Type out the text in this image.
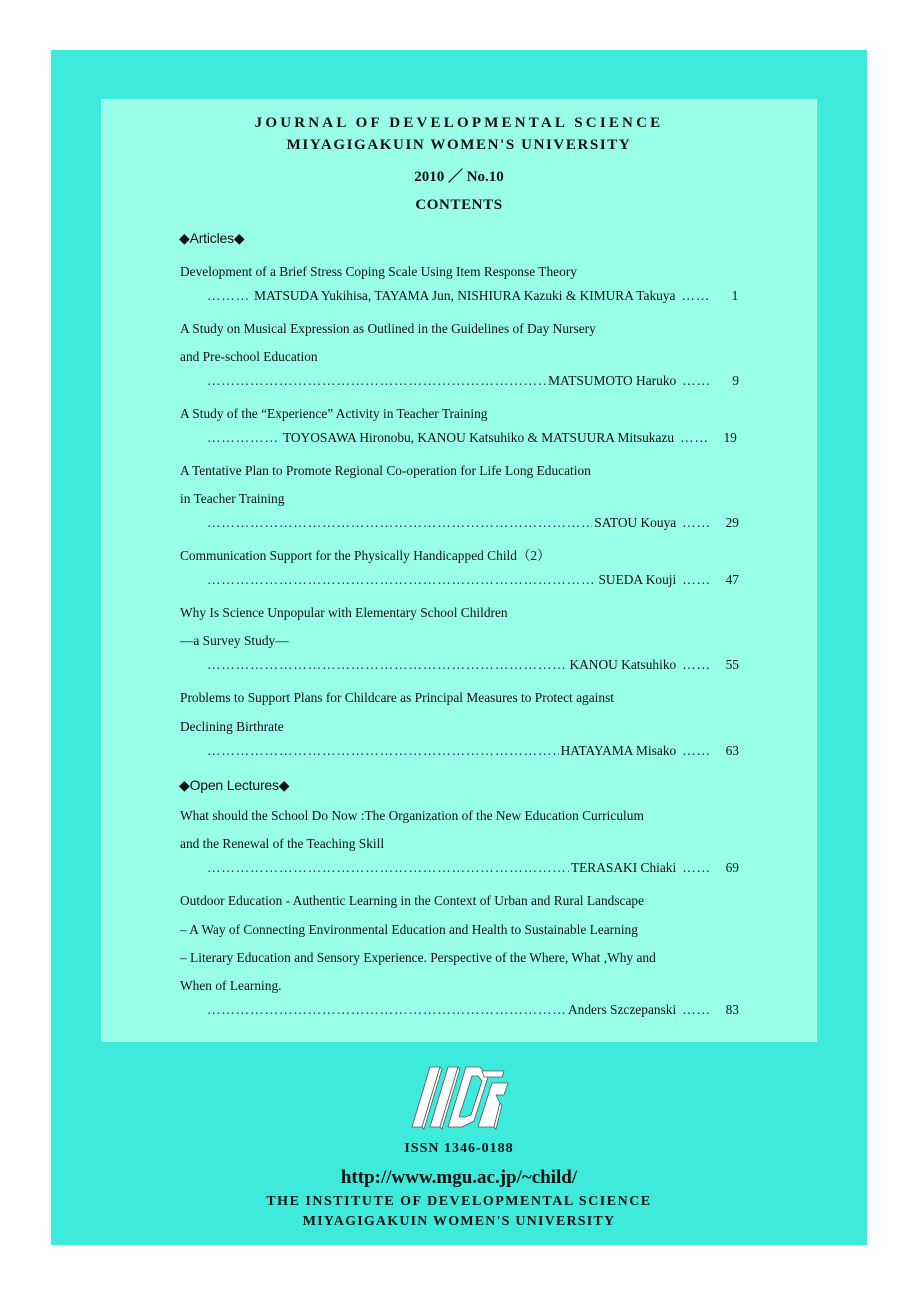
JOURNAL OF DEVELOPMENTAL SCIENCE
MIYAGIGAKUIN WOMEN'S UNIVERSITY
2010 ／ No.10
CONTENTS
◆Articles◆
Development of a Brief Stress Coping Scale Using Item Response Theory
………
MATSUDA Yukihisa, TAYAMA Jun, NISHIURA Kazuki & KIMURA Takuya ……	1
A Study on Musical Expression as Outlined in the Guidelines of Day Nursery
and Pre-school Education
………………………………………………………………………………………………………………………………………………
MATSUMOTO Haruko ……	9
A Study of the “Experience” Activity in Teacher Training
……………
TOYOSAWA Hironobu, KANOU Katsuhiko & MATSUURA Mitsukazu ……	19
A Tentative Plan to Promote Regional Co-operation for Life Long Education
in Teacher Training
………………………………………………………………………………………………………………………………………………
SATOU Kouya ……	29
Communication Support for the Physically Handicapped Child（2）
………………………………………………………………………………………………………………………………………………
SUEDA Kouji ……	47
Why Is Science Unpopular with Elementary School Children
―a Survey Study―
………………………………………………………………………………………………………………………………………………
KANOU Katsuhiko ……	55
Problems to Support Plans for Childcare as Principal Measures to Protect against
Declining Birthrate
………………………………………………………………………………………………………………………………………………
HATAYAMA Misako ……	63
◆Open Lectures◆
What should the School Do Now :The Organization of the New Education Curriculum
and the Renewal of the Teaching Skill
………………………………………………………………………………………………………………………………………………
TERASAKI Chiaki ……	69
Outdoor Education - Authentic Learning in the Context of Urban and Rural Landscape
– A Way of Connecting Environmental Education and Health to Sustainable Learning
– Literary Education and Sensory Experience. Perspective of the Where, What ,Why and
When of Learning.
………………………………………………………………………………………………………………………………………………
Anders Szczepanski ……	83
ISSN 1346-0188
http://www.mgu.ac.jp/~child/
THE INSTITUTE OF DEVELOPMENTAL SCIENCE
MIYAGIGAKUIN WOMEN'S UNIVERSITY
